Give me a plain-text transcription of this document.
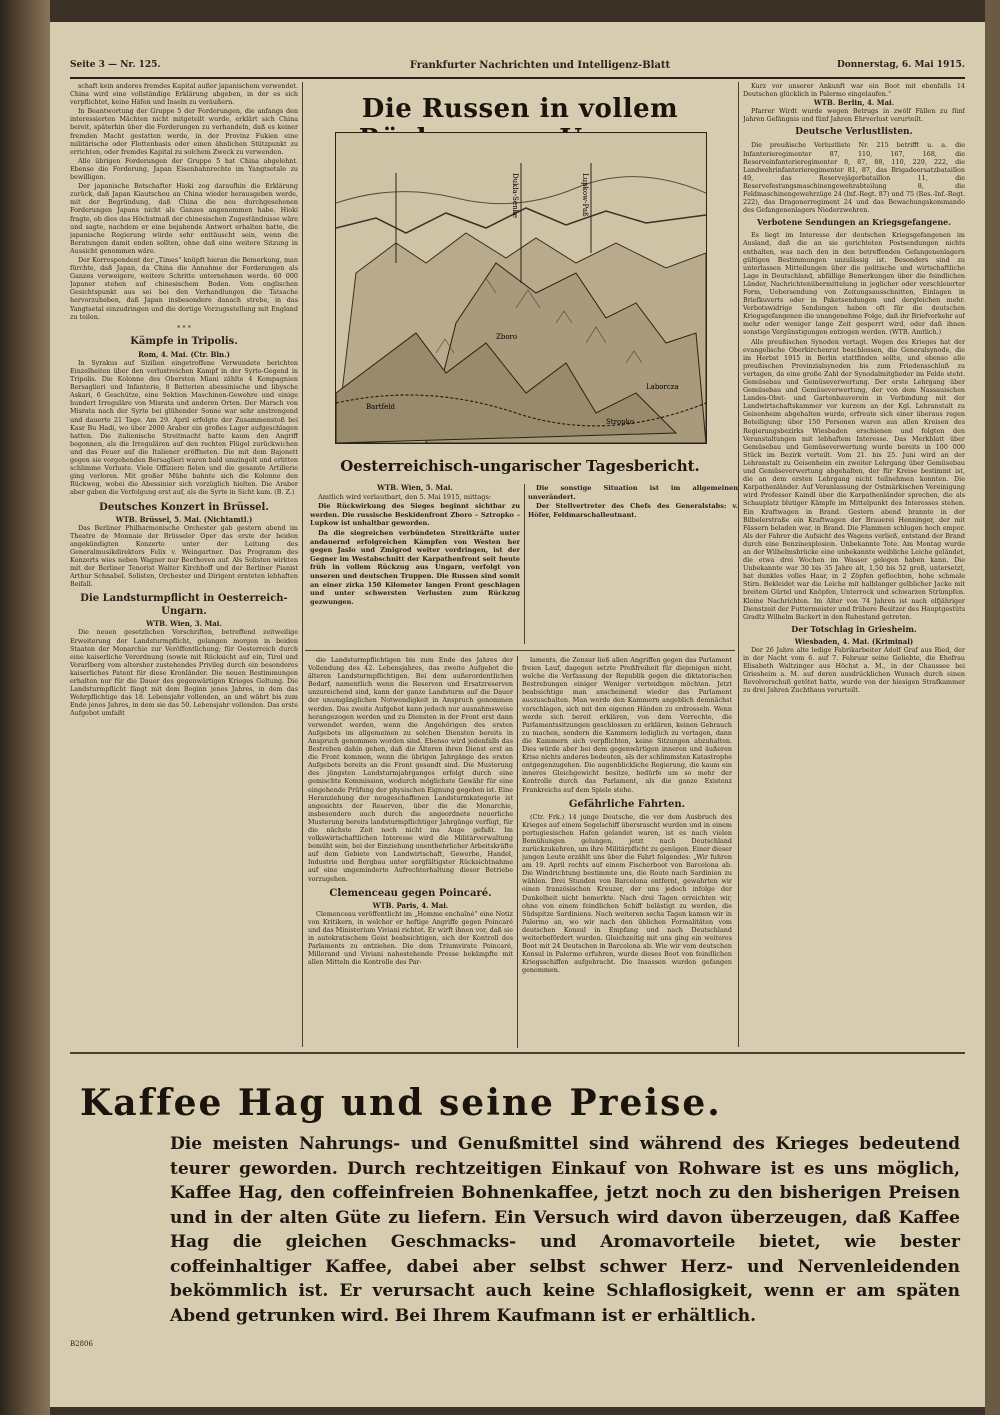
Seite 3 — Nr. 125.	Frankfurter Nachrichten und Intelligenz-Blatt	Donnerstag, 6. Mai 1915.

schaft kein anderes fremdes Kapital außer japanischem verwendet. China wird eine vollständige Erklärung abgeben, in der es sich verpflichtet, keine Häfen und Inseln zu veräußern.

In Beantwortung der Gruppe 5 der Forderungen, die anfangs den interessierten Mächten nicht mitgeteilt wurde, erklärt sich China bereit, späterhin über die Forderungen zu verhandeln, daß es keiner fremden Macht gestatten werde, in der Provinz Fukien eine militärische oder Flottenbasis oder einen ähnlichen Stützpunkt zu errichten, oder fremdes Kapital zu solchem Zweck zu verwenden.

Alle übrigen Forderungen der Gruppe 5 hat China abgelehnt. Ebenso die Forderung, Japan Eisenbahnrechte im Yangtsetale zu bewilligen.

Der japanische Botschafter Hioki zog daraufhin die Erklärung zurück, daß Japan Kiautschou an China wieder herausgeben werde, mit der Begründung, daß China die neu durchgesehenen Forderungen Japans nicht als Ganzes angenommen habe. Hioki fragte, ob dies das Höchstmaß der chinesischen Zugeständnisse wäre und sagte, nachdem er eine bejahende Antwort erhalten hatte, die japanische Regierung würde sehr enttäuscht sein, wenn die Beratungen damit enden sollten, ohne daß eine weitere Sitzung in Aussicht genommen wäre.

Der Korrespondent der „Times“ knüpft hieran die Bemerkung, man fürchte, daß Japan, da China die Annahme der Forderungen als Ganzes verweigere, weitere Schritte unternehmen werde. 60 000 Japaner stehen auf chinesischem Boden. Vom englischen Gesichtspunkt aus sei bei den Verhandlungen die Tatsache hervorzuheben, daß Japan insbesondere danach strebe, in das Yangtsetal einzudringen und die dortige Vorzugsstellung mit England zu teilen.

* * *
Kämpfe in Tripolis.
Rom, 4. Mai. (Ctr. Bln.)

In Syrakus auf Sizilien eingetroffene Verwundete berichten Einzelheiten über den verlustreichen Kampf in der Syrte-Gegend in Tripolis. Die Kolonne des Obersten Miani zählte 4 Kompagnien Bersaglieri und Infanterie, 8 Batterien abessinische und libysche Askari, 6 Geschütze, eine Sektion Maschinen-Gewehre und einige hundert Irreguläre von Misrata und anderen Orten. Der Marsch von Misrata nach der Syrte bei glühender Sonne war sehr anstrengend und dauerte 21 Tage. Am 29. April erfolgte der Zusammenstoß bei Kasr Bu Hadi, wo über 2000 Araber ein großes Lager aufgeschlagen hatten. Die italienische Streitmacht hatte kaum den Angriff begonnen, als die Irregulären auf den rechten Flügel zurückwichen und das Feuer auf die Italiener eröffneten. Die mit dem Bajonett gegen sie vorgehenden Bersaglieri waren bald umzingelt und erlitten schlimme Verluste. Viele Offiziere fielen und die gesamte Artillerie ging verloren. Mit großer Mühe bahnte sich die Kolonne den Rückweg, wobei die Abessinier sich vorzüglich hielten. Die Araber aber gaben die Verfolgung erst auf, als die Syrte in Sicht kam. (B. Z.)

Deutsches Konzert in Brüssel.
WTB. Brüssel, 5. Mai. (Nichtamtl.)

Das Berliner Philharmonische Orchester gab gestern abend im Theatre de Monnaie der Brüsseler Oper das erste der beiden angekündigten Konzerte unter der Leitung des Generalmusikdirektors Felix v. Weingartner. Das Programm des Konzerts wies neben Wagner nur Beethoven auf. Als Solisten wirkten mit der Berliner Tenorist Walter Kirchhoff und der Berliner Pianist Arthur Schnabel. Solisten, Orchester und Dirigent ernteten lebhaften Beifall.

Die Landsturmpflicht in Oesterreich-Ungarn.
WTB. Wien, 3. Mai.

Die neuen gesetzlichen Vorschriften, betreffend zeitweilige Erweiterung der Landsturmpflicht, gelangen morgen in beiden Staaten der Monarchie zur Veröffentlichung; für Oesterreich durch eine kaiserliche Verordnung (sowie mit Rücksicht auf ein, Tirol und Vorarlberg vom altersher zustehendes Privileg durch ein besonderes kaiserliches Patent für diese Kronländer. Die neuen Bestimmungen erhalten nur für die Dauer des gegenwärtigen Krieges Geltung. Die Landsturmpflicht fängt mit dem Beginn jenes Jahres, in dem das Wehrpflichtige das 18. Lebensjahr vollenden, an und währt bis zum Ende jenes Jahres, in dem sie das 50. Lebensjahr vollenden. Das erste Aufgebot umfaßt

Die Russen in vollem
Dukla-Senke	Lupkow-Paß
Bartfeld
Zboro
Stropko
Laborcza
Oesterreichisch-ungarischer Tagesbericht.
WTB. Wien, 5. Mai.

Amtlich wird verlautbart, den 5. Mai 1915, mittags:

Die Rückwirkung des Sieges beginnt sichtbar zu werden. Die russische Beskidenfront Zboro – Sztropko – Lupkow ist unhaltbar geworden.

Da die siegreichen verbündeten Streitkräfte unter andauernd erfolgreichen Kämpfen von Westen her gegen Jaslo und Zmigrod weiter vordringen, ist der Gegner im Westabschnitt der Karpathenfront seit heute früh in vollem Rückzug aus Ungarn, verfolgt von unseren und deutschen Truppen. Die Russen sind somit an einer zirka 150 Kilometer langen Front geschlagen und unter schwersten Verlusten zum Rückzug gezwungen.

Die sonstige Situation ist im allgemeinen unverändert.

Der Stellvertreter des Chefs des Generalstabs: v. Höfer, Feldmarschalleutnant.

die Landsturmpflichtigen bis zum Ende des Jahres der Vollendung des 42. Lebensjahres, das zweite Aufgebot die älteren Landsturmpflichtigen. Bei dem außerordentlichen Bedarf, namentlich wenn die Reserven und Ersatzreserven unzureichend sind, kann der ganze Landsturm auf die Dauer der unumgänglichen Notwendigkeit in Anspruch genommen werden. Das zweite Aufgebot kann jedoch nur ausnahmsweise herangezogen werden und zu Diensten in der Front erst dann verwendet werden, wenn die Angehörigen des ersten Aufgebots im allgemeinen zu solchen Diensten bereits in Anspruch genommen worden sind. Ebenso wird jedenfalls das Bestreben dahin gehen, daß die Älteren ihren Dienst erst an die Front kommen, wenn die übrigen Jahrgänge des ersten Aufgebots bereits an die Front gesandt sind. Die Musterung des jüngsten Landsturmjahrganges erfolgt durch eine gemischte Kommission, wodurch möglichste Gewähr für eine eingehende Prüfung der physischen Eignung gegeben ist. Eine Heranziehung der neugeschaffenen Landsturmkategorie ist angesichts der Reserven, über die die Monarchie, insbesondere auch durch die angeordnete neuerliche Musterung bereits landsturmpflichtiger Jahrgänge verfügt, für die nächste Zeit noch nicht ins Auge gefaßt. Im volkswirtschaftlichen Interesse wird die Militärverwaltung bemüht sein, bei der Einziehung unentbehrlicher Arbeitskräfte auf dem Gebiete von Landwirtschaft, Gewerbe, Handel, Industrie und Bergbau unter sorgfältigster Rücksichtnahme auf eine ungeminderte Aufrechterhaltung dieser Betriebe vorzugehen.

Clemenceau gegen Poincaré.
WTB. Paris, 4. Mai.

Clemenceau veröffentlicht im „Homme enchaîné“ eine Notiz von Kritikern, in welcher er heftige Angriffe gegen Poincaré und das Ministerium Viviani richtet. Er wirft ihnen vor, daß sie in autokratischem Geist beabsichtigen, sich der Kontroll des Parlaments zu entziehen. Die dem Triumvirate Poincaré, Millerand und Viviani nahestehende Presse bekämpfte mit allen Mitteln die Kontrolle des Par-

laments, die Zensur ließ allen Angriffen gegen das Parlament freien Lauf, dagegen setzte Preßfreiheit für diejenigen nicht, welche die Verfassung der Republik gegen die diktatorischen Bestrebungen einiger Weniger verteidigen möchten. Jetzt beabsichtige man anscheinend wieder das Parlament auszuschalten. Man werde den Kammern angeblich demnächst vorschlagen, sich mit den eigenen Händen zu erdrosseln. Wenn werde sich bereit erklären, von dem Vorrechte, die Parlamentssitzungen geschlossen zu erklären, keinen Gebrauch zu machen, sondern die Kammern lediglich zu vertagen, dann die Kammern sich verpflichten, keine Sitzungen abzuhalten. Dies würde aber bei dem gegenwärtigen inneren und äußeren Krise nichts anderes bedeuten, als der schlimmsten Katastrophe entgegenzugehen. Die augenblickliche Regierung, die kaum ein inneres Gleichgewicht besitze, bedürfe um so mehr der Kontrolle durch das Parlament, als die ganze Existenz Frankreichs auf dem Spiele stehe.

Gefährliche Fahrten.

(Ctr. Frk.) 14 junge Deutsche, die vor dem Ausbruch des Krieges auf einem Segelschiff übersrascht wurden und in einem portugiesischen Hafen gelandet waren, ist es nach vielen Bemühungen gelungen, jetzt nach Deutschland zurückzukehren, um ihre Militärpflicht zu genügen. Einer dieser jungen Leute erzählt uns über die Fahrt folgendes: „Wir fuhren am 19. April rechts auf einem Fischerboot von Barcelona ab. Die Windrichtung bestimmte uns, die Route nach Sardinien zu wählen. Drei Stunden von Barcelona entfernt, gewahrten wir einen französischen Kreuzer, der uns jedoch infolge der Dunkelheit nicht bemerkte. Nach drei Tagen erreichten wir, ohne von einem feindlichen Schiff belästigt zu werden, die Südspitze Sardiniens. Nach weiteren sechs Tagen kamen wir in Palermo an, wo wir nach den üblichen Formalitäten vom deutschen Konsul in Empfang und nach Deutschland weiterbefördert wurden. Gleichzeitig mit uns ging ein weiteres Boot mit 24 Deutschen in Barcelona ab. Wie wir vom deutschen Konsul in Palermo erfuhren, wurde dieses Boot von feindlichen Kriegsschiffen aufgebracht. Die Insassen wurden gefangen genommen.

Kurz vor unserer Ankunft war ein Boot mit ebenfalls 14 Deutschen glücklich in Palermo eingelaufen.“

WTB. Berlin, 4. Mai.

Pfarrer Wirdt wurde wegen Betrugs in zwölf Fällen zu fünf Jahren Gefängnis und fünf Jahren Ehrverlust verurteilt.

Deutsche Verlustlisten.

Die preußische Verlustliste Nr. 215 betrifft u. a. die Infanterieregimenter 87, 110, 167, 168, die Reserveinfanterieregimenter 8, 87, 88, 110, 229, 222, die Landwehrinfanterieregimenter 81, 87, das Brigadeersatzbataillon 49, das Reservejägerbataillon 11, die Reservefestungsmaschinengewehrabteilung 8, die Feldmaschinengewehrzüge 24 (Inf.-Regt. 87) und 75 (Res.-Inf.-Regt. 222), das Dragonerregiment 24 und das Bewachungskommando des Gefangenenlagers Niederzwehren.

Verbotene Sendungen an Kriegsgefangene.

Es liegt im Interesse der deutschen Kriegsgefangenen im Ausland, daß die an sie gerichteten Postsendungen nichts enthalten, was nach den in den betreffenden Gefangenenlagern gültigen Bestimmungen unzulässig ist. Besonders sind zu unterlassen Mitteilungen über die politische und wirtschaftliche Lage in Deutschland, abfällige Bemerkungen über die feindlichen Länder, Nachrichtenübermittelung in jeglicher oder verschleierter Form, Uebersendung von Zeitungsausschnitten, Einlagen in Briefkuverts oder in Paketsendungen und dergleichen mehr. Verbotswidrige Sendungen haben oft für die deutschen Kriegsgefangenen die unangenehme Folge, daß ihr Briefverkehr auf mehr oder weniger lange Zeit gesperrt wird, oder daß ihnen sonstige Vergünstigungen entzogen werden. (WTB. Amtlich.)

Alle preußischen Synoden vertagt. Wegen des Krieges hat der evangelische Oberkirchenrat beschlossen, die Generalsynode, die im Herbst 1915 in Berlin stattfinden sollte, und ebenso alle preußischen Provinzialsynoden bis zum Friedensschluß zu vertagen, da eine große Zahl der Synodalmitglieder im Felde steht. Gemüsebau und Gemüseverwertung. Der erste Lehrgang über Gemüsebau und Gemüseverwertung, der von dem Nassauischen Landes-Obst- und Gartenbauverein in Verbindung mit der Landwirtschaftskammer vor kurzem an der Kgl. Lehranstalt zu Geisenheim abgehalten wurde, erfreute sich einer überaus regen Beteiligung; über 150 Personen waren aus allen Kreisen des Regierungsbezirks Wiesbaden erschienen und folgten den Veranstaltungen mit lebhaftem Interesse. Das Merkblatt über Gemüsebau und Gemüseverwertung wurde bereits in 100 000 Stück im Bezirk verteilt. Vom 21. bis 25. Juni wird an der Lehranstalt zu Geisenheim ein zweiter Lehrgang über Gemüsebau und Gemüseverwertung abgehalten, der für Kreise bestimmt ist, die an dem ersten Lehrgang nicht teilnehmen konnten. Die Karpathenländer. Auf Veranlassung der Ostmärkischen Vereinigung wird Professor Kaindl über die Karpathenländer sprechen, die als Schauplatz blutiger Kämpfe im Mittelpunkt des Interesses stehen. Ein Kraftwagen in Brand. Gestern abend brannte in der Bilbelerstraße ein Kraftwagen der Brauerei Henninger, der mit Fässern beladen war, in Brand. Die Flammen schlugen hoch empor. Als der Fahrer die Aufsicht des Wagens verließ, entstand der Brand durch eine Benzinexplosion. Unbekannte Tote. Am Montag wurde an der Wilhelmsbrücke eine unbekannte weibliche Leiche geländet, die etwa drei Wochen im Wasser gelegen haben kann. Die Unbekannte war 30 bis 35 Jahre alt, 1,50 bis 52 groß, untersetzt, hat dunkles volles Haar, in 2 Zöpfen geflochten, hohe schmale Stirn. Bekleidet war die Leiche mit halblanger gelblicher Jacke mit breitem Gürtel und Knöpfen, Unterrock und schwarzen Strümpfen. Kleine Nachrichten. Im Alter von 74 Jahren ist nach elfjähriger Dienstzeit der Futtermeister und frühere Besitzer des Hauptgestüts Gradtz Wilhelm Backert in den Ruhestand getreten.

Der Totschlag in Griesheim.
Wiesbaden, 4. Mai. (Kriminal)

Der 26 Jahre alte ledige Fabrikarbeiter Adolf Graf aus Ried, der in der Nacht vom 6. auf 7. Februar seine Geliebte, die Ehefrau Elisabeth Waltzinger aus Höchst a. M., in der Chaussee bei Griesheim a. M. auf deren ausdrücklichen Wunsch durch einen Revolverschuß getötet hatte, wurde von der hiesigen Strafkammer zu drei Jahren Zuchthaus verurteilt.

Kaffee Hag und seine Preise.
Die meisten Nahrungs- und Genußmittel sind während des Krieges bedeutend teurer geworden. Durch rechtzeitigen Einkauf von Rohware ist es uns möglich, Kaffee Hag, den coffeinfreien Bohnenkaffee, jetzt noch zu den bisherigen Preisen und in der alten Güte zu liefern. Ein Versuch wird davon überzeugen, daß Kaffee Hag die gleichen Geschmacks- und Aromavorteile bietet, wie bester coffeinhaltiger Kaffee, dabei aber selbst schwer Herz- und Nervenleidenden bekömmlich ist. Er verursacht auch keine Schlaflosigkeit, wenn er am späten Abend getrunken wird. Bei Ihrem Kaufmann ist er erhältlich.
B2806
